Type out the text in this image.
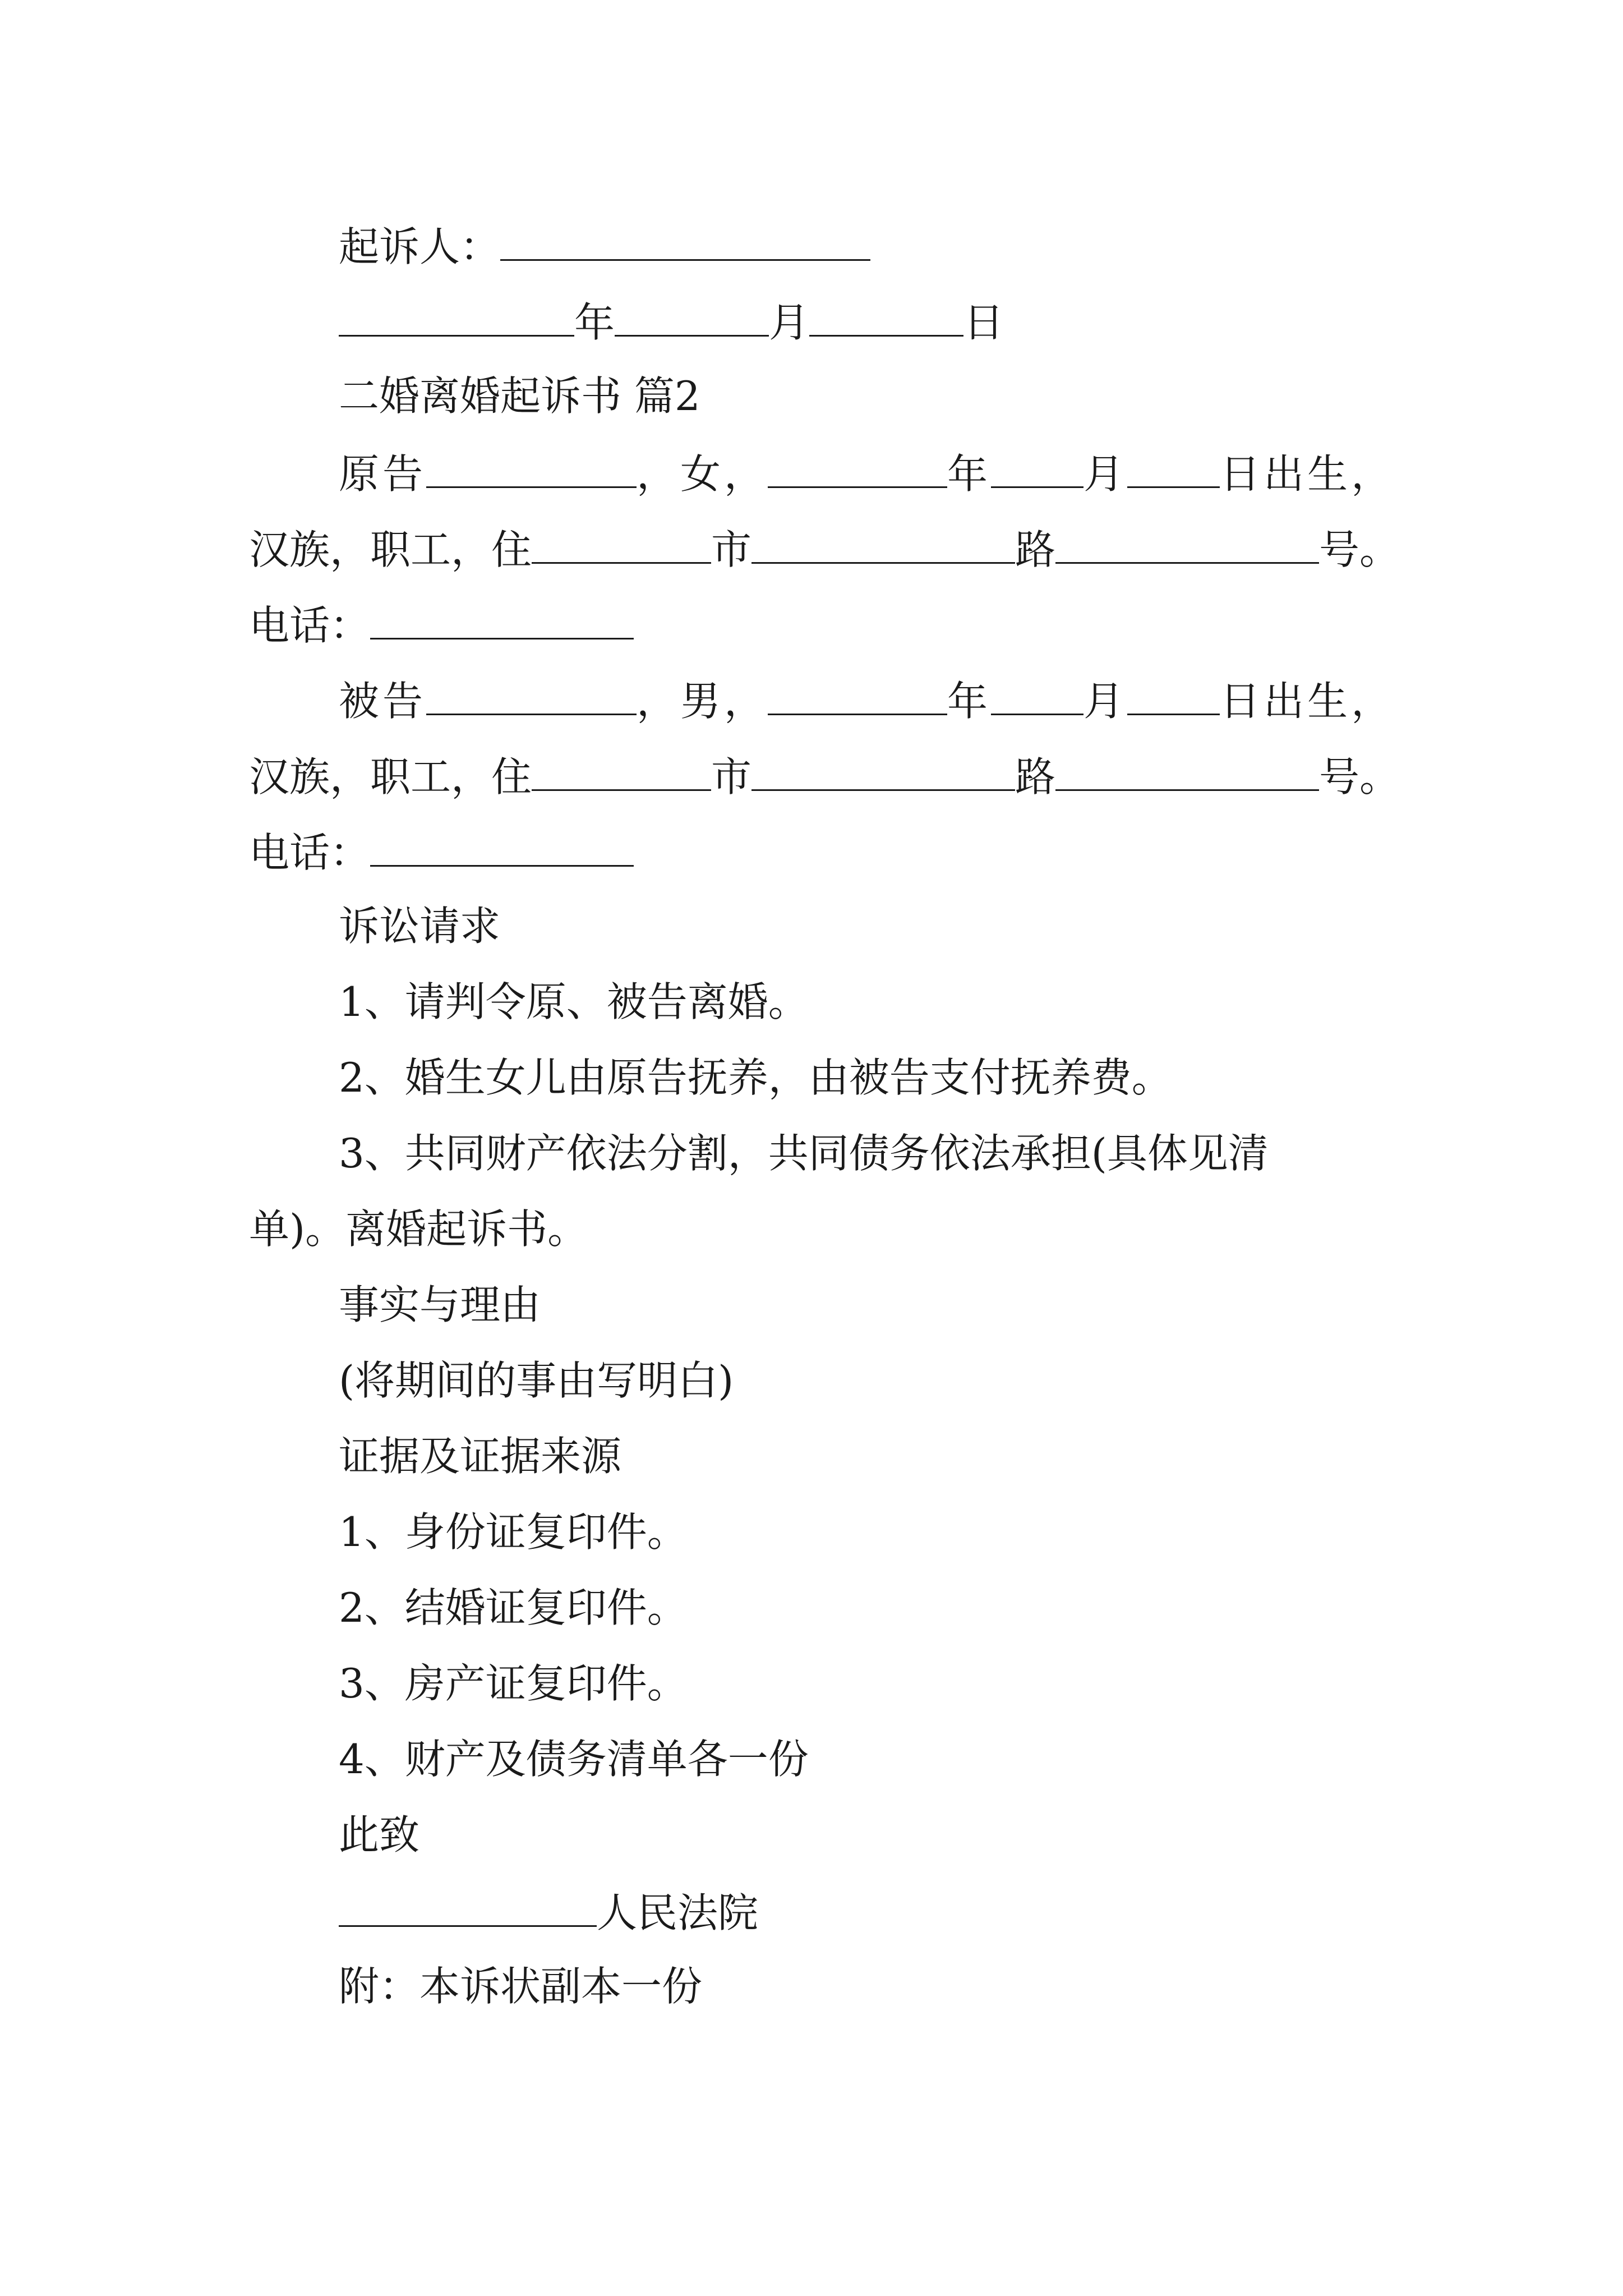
起诉人：
年	月	日
二婚离婚起诉书 篇2
原告	，女，	年 月 日出生，
汉族，职工，住	市	路	号。
电话：
被告	，男，	年 月 日出生，
汉族，职工，住	市	路	号。
电话：
诉讼请求
1、请判令原、被告离婚。
2、婚生女儿由原告抚养，由被告支付抚养费。
3、共同财产依法分割，共同债务依法承担(具体见清
单)。离婚起诉书。
事实与理由
(将期间的事由写明白)
证据及证据来源
1、身份证复印件。
2、结婚证复印件。
3、房产证复印件。
4、财产及债务清单各一份
此致
人民法院
附：本诉状副本一份
